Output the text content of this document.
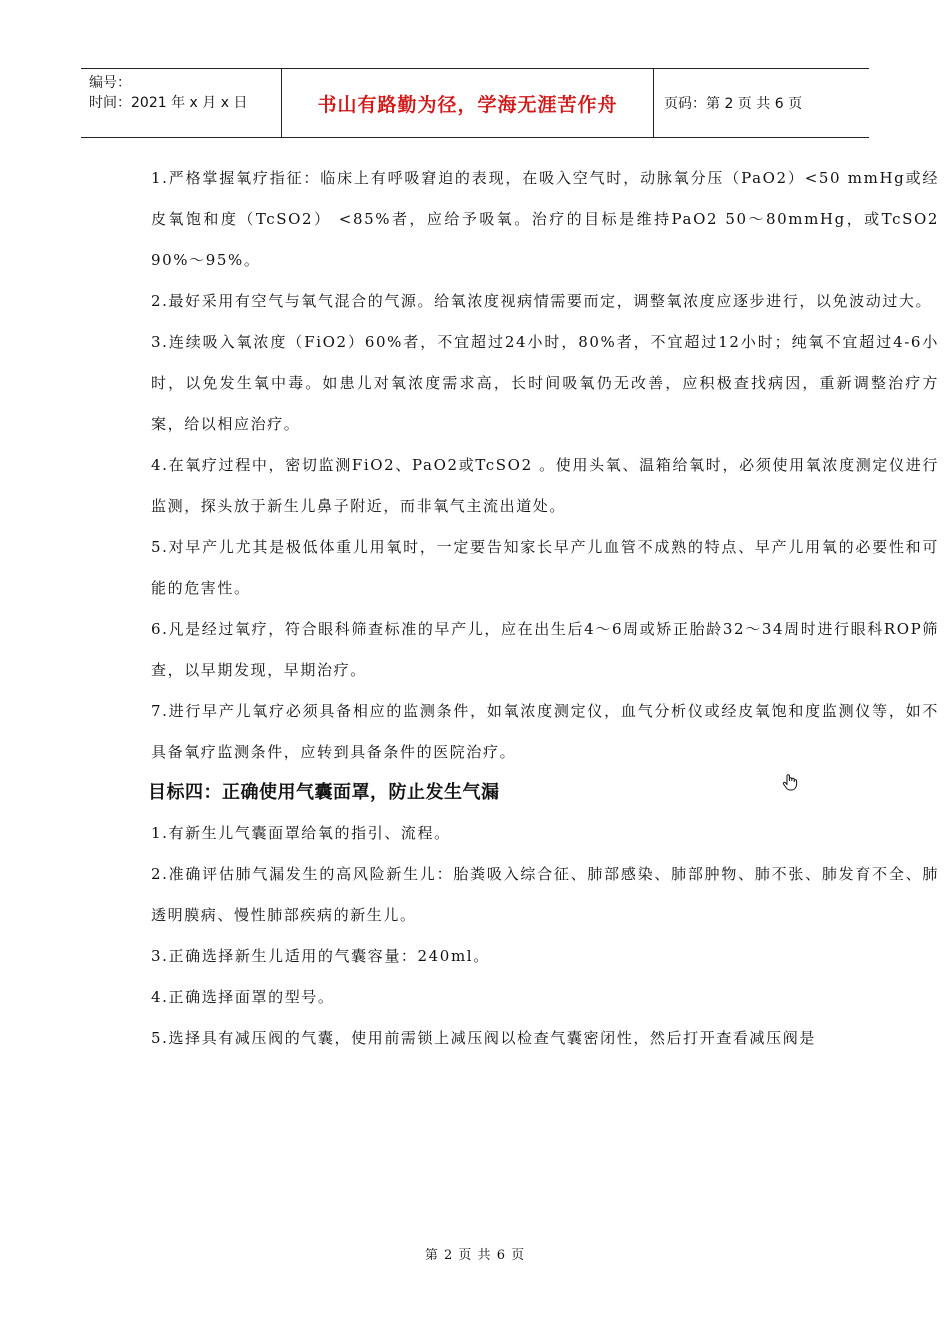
编号：
时间：2021 年 x 月 x 日	书山有路勤为径，学海无涯苦作舟	页码：第 2 页 共 6 页

1.严格掌握氧疗指征：临床上有呼吸窘迫的表现，在吸入空气时，动脉氧分压（PaO2）<50 mmHg或经皮氧饱和度（TcSO2） <85%者，应给予吸氧。治疗的目标是维持PaO2 50～80mmHg，或TcSO2 90%～95%。

2.最好采用有空气与氧气混合的气源。给氧浓度视病情需要而定，调整氧浓度应逐步进行，以免波动过大。

3.连续吸入氧浓度（FiO2）60%者，不宜超过24小时，80%者，不宜超过12小时；纯氧不宜超过4-6小时，以免发生氧中毒。如患儿对氧浓度需求高，长时间吸氧仍无改善，应积极查找病因，重新调整治疗方案，给以相应治疗。

4.在氧疗过程中，密切监测FiO2、PaO2或TcSO2 。使用头氧、温箱给氧时，必须使用氧浓度测定仪进行监测，探头放于新生儿鼻子附近，而非氧气主流出道处。

5.对早产儿尤其是极低体重儿用氧时，一定要告知家长早产儿血管不成熟的特点、早产儿用氧的必要性和可能的危害性。

6.凡是经过氧疗，符合眼科筛查标准的早产儿，应在出生后4～6周或矫正胎龄32～34周时进行眼科ROP筛查，以早期发现，早期治疗。

7.进行早产儿氧疗必须具备相应的监测条件，如氧浓度测定仪，血气分析仪或经皮氧饱和度监测仪等，如不具备氧疗监测条件，应转到具备条件的医院治疗。

目标四：正确使用气囊面罩，防止发生气漏

1.有新生儿气囊面罩给氧的指引、流程。

2.准确评估肺气漏发生的高风险新生儿：胎粪吸入综合征、肺部感染、肺部肿物、肺不张、肺发育不全、肺透明膜病、慢性肺部疾病的新生儿。

3.正确选择新生儿适用的气囊容量：240ml。

4.正确选择面罩的型号。

5.选择具有减压阀的气囊，使用前需锁上减压阀以检查气囊密闭性，然后打开查看减压阀是

第 2 页 共 6 页
